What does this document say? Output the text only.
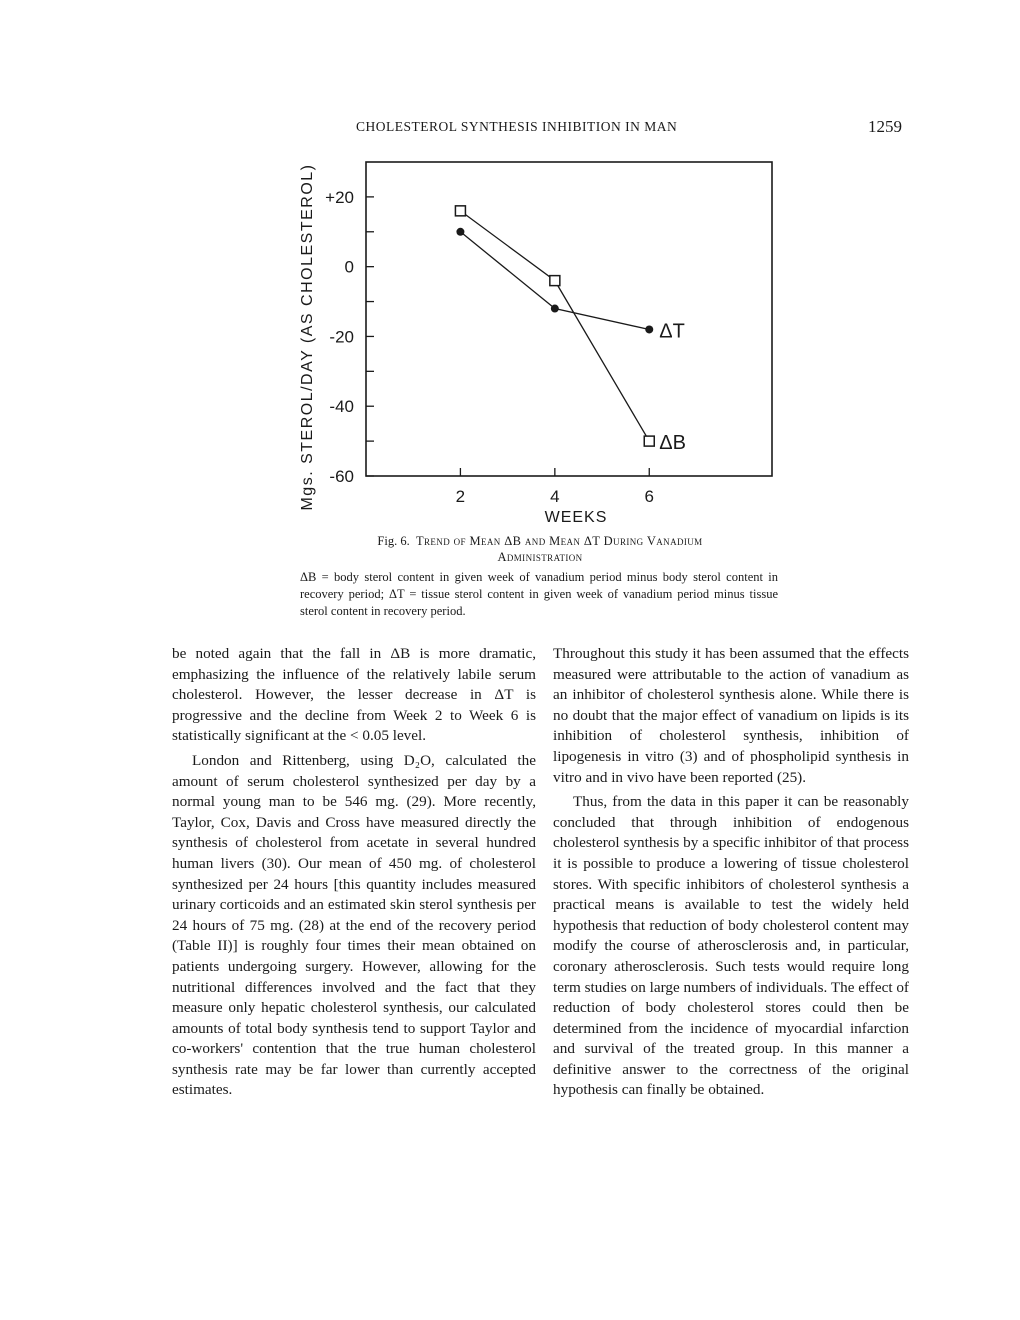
CHOLESTEROL SYNTHESIS INHIBITION IN MAN	1259
+20
0
-20
-40
-60
2	4	6
ΔT
ΔB
Mgs. STEROL/DAY (AS CHOLESTEROL)
WEEKS
Fig. 6. Trend of Mean ΔB and Mean ΔT During Vanadium
Administration
ΔB = body sterol content in given week of vanadium period minus body sterol content in recovery period; ΔT = tissue sterol content in given week of vanadium period minus tissue sterol content in recovery period.

be noted again that the fall in ΔB is more dramatic, emphasizing the influence of the relatively labile serum cholesterol. However, the lesser decrease in ΔT is progressive and the decline from Week 2 to Week 6 is statistically significant at the < 0.05 level.

London and Rittenberg, using D₂O, calculated the amount of serum cholesterol synthesized per day by a normal young man to be 546 mg. (29). More recently, Taylor, Cox, Davis and Cross have measured directly the synthesis of cholesterol from acetate in several hundred human livers (30). Our mean of 450 mg. of cholesterol synthesized per 24 hours [this quantity includes measured urinary corticoids and an estimated skin sterol synthesis per 24 hours of 75 mg. (28) at the end of the recovery period (Table II)] is roughly four times their mean obtained on patients undergoing surgery. However, allowing for the nutritional differences involved and the fact that they measure only hepatic cholesterol synthesis, our calculated amounts of total body synthesis tend to support Taylor and co-workers' contention that the true human cholesterol synthesis rate may be far lower than currently accepted estimates.

Throughout this study it has been assumed that the effects measured were attributable to the action of vanadium as an inhibitor of cholesterol synthesis alone. While there is no doubt that the major effect of vanadium on lipids is its inhibition of cholesterol synthesis, inhibition of lipogenesis in vitro (3) and of phospholipid synthesis in vitro and in vivo have been reported (25).

Thus, from the data in this paper it can be reasonably concluded that through inhibition of endogenous cholesterol synthesis by a specific inhibitor of that process it is possible to produce a lowering of tissue cholesterol stores. With specific inhibitors of cholesterol synthesis a practical means is available to test the widely held hypothesis that reduction of body cholesterol content may modify the course of atherosclerosis and, in particular, coronary atherosclerosis. Such tests would require long term studies on large numbers of individuals. The effect of reduction of body cholesterol stores could then be determined from the incidence of myocardial infarction and survival of the treated group. In this manner a definitive answer to the correctness of the original hypothesis can finally be obtained.
